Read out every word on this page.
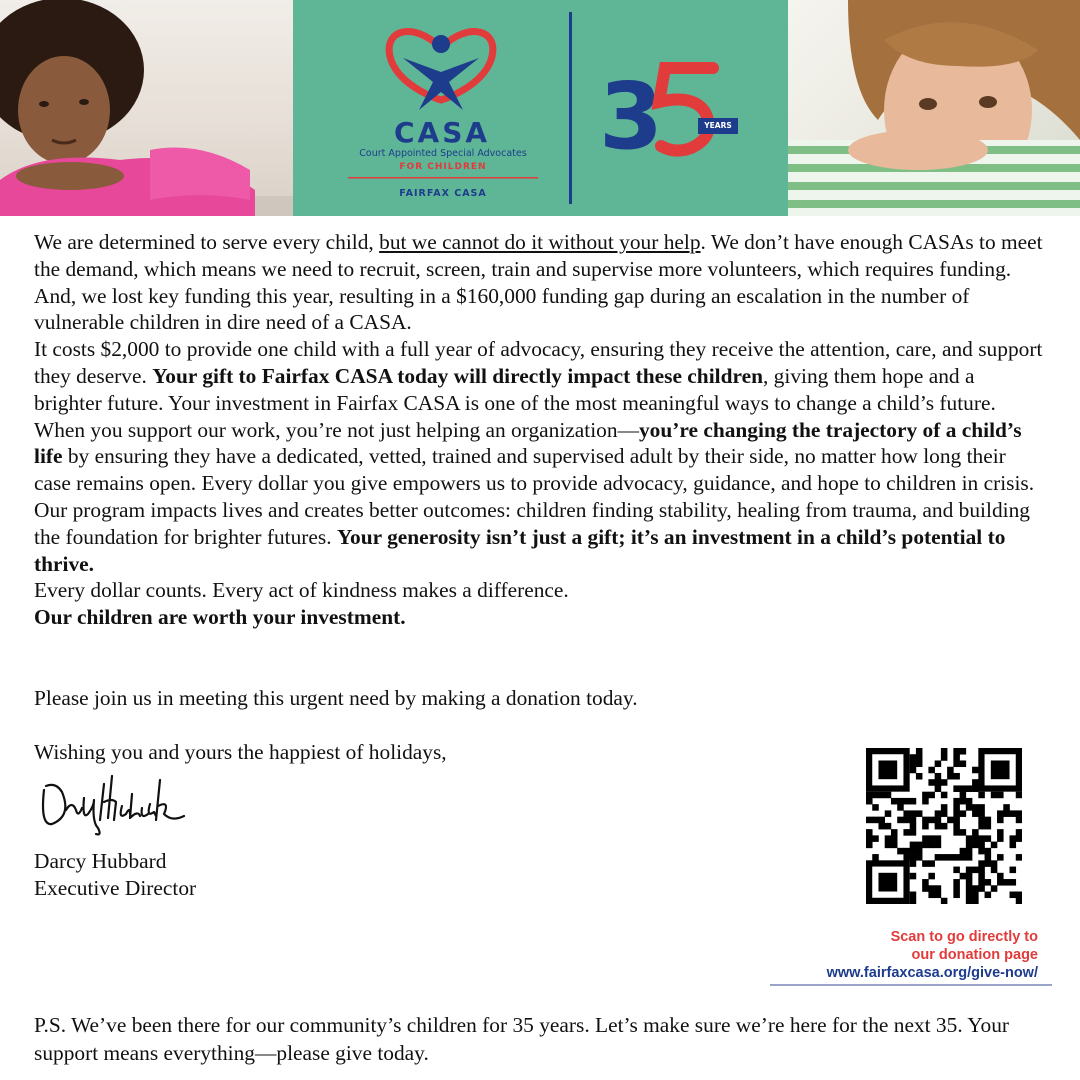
3
CASA
Court Appointed Special Advocates
FOR CHILDREN
FAIRFAX CASA
YEARS

We are determined to serve every child, but we cannot do it without your help. We don’t have enough CASAs to meet the demand, which means we need to recruit, screen, train and supervise more volunteers, which requires funding. And, we lost key funding this year, resulting in a $160,000 funding gap during an escalation in the number of vulnerable children in dire need of a CASA.

It costs $2,000 to provide one child with a full year of advocacy, ensuring they receive the attention, care, and support they deserve. Your gift to Fairfax CASA today will directly impact these children, giving them hope and a brighter future. Your investment in Fairfax CASA is one of the most meaningful ways to change a child’s future.

When you support our work, you’re not just helping an organization—you’re changing the trajectory of a child’s life by ensuring they have a dedicated, vetted, trained and supervised adult by their side, no matter how long their case remains open. Every dollar you give empowers us to provide advocacy, guidance, and hope to children in crisis. Our program impacts lives and creates better outcomes: children finding stability, healing from trauma, and building the foundation for brighter futures. Your generosity isn’t just a gift; it’s an investment in a child’s potential to thrive.

Every dollar counts. Every act of kindness makes a difference.

Our children are worth your investment.

Please join us in meeting this urgent need by making a donation today.
Wishing you and yours the happiest of holidays,
Darcy Hubbard
Executive Director
Scan to go directly to
our donation page
www.fairfaxcasa.org/give-now/
P.S. We’ve been there for our community’s children for 35 years. Let’s make sure we’re here for the next 35. Your support means everything—please give today.
